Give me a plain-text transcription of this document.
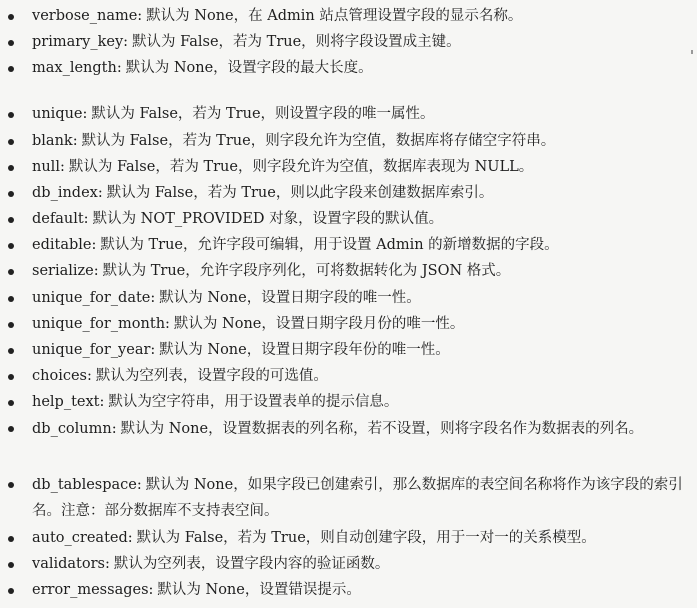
verbose_name: 默认为 None，在 Admin 站点管理设置字段的显示名称。
primary_key: 默认为 False，若为 True，则将字段设置成主键。
max_length: 默认为 None，设置字段的最大长度。
unique: 默认为 False，若为 True，则设置字段的唯一属性。
blank: 默认为 False，若为 True，则字段允许为空值，数据库将存储空字符串。
null: 默认为 False，若为 True，则字段允许为空值，数据库表现为 NULL。
db_index: 默认为 False，若为 True，则以此字段来创建数据库索引。
default: 默认为 NOT_PROVIDED 对象，设置字段的默认值。
editable: 默认为 True，允许字段可编辑，用于设置 Admin 的新增数据的字段。
serialize: 默认为 True，允许字段序列化，可将数据转化为 JSON 格式。
unique_for_date: 默认为 None，设置日期字段的唯一性。
unique_for_month: 默认为 None，设置日期字段月份的唯一性。
unique_for_year: 默认为 None，设置日期字段年份的唯一性。
choices: 默认为空列表，设置字段的可选值。
help_text: 默认为空字符串，用于设置表单的提示信息。
db_column: 默认为 None，设置数据表的列名称，若不设置，则将字段名作为数据表的列名。
db_tablespace: 默认为 None，如果字段已创建索引，那么数据库的表空间名称将作为该字段的索引名。注意：部分数据库不支持表空间。
auto_created: 默认为 False，若为 True，则自动创建字段，用于一对一的关系模型。
validators: 默认为空列表，设置字段内容的验证函数。
error_messages: 默认为 None，设置错误提示。
